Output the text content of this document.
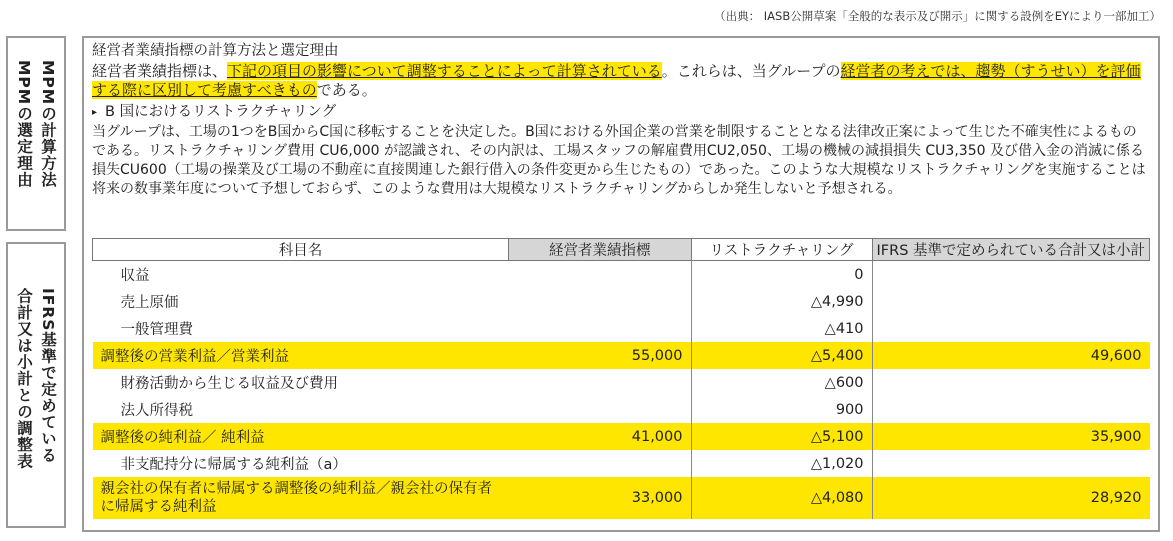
（出典： IASB公開草案「全般的な表示及び開示」に関する設例をEYにより一部加工）
MPMの計算方法
MPMの選定理由
IFRS基準で定めている
合計又は小計との調整表
経営者業績指標の計算方法と選定理由
経営者業績指標は、下記の項目の影響について調整することによって計算されている。これらは、当グループの経営者の考えでは、趨勢（すうせい）を評価する際に区別して考慮すべきものである。
▸ B 国におけるリストラクチャリング
当グループは、工場の1つをB国からC国に移転することを決定した。B国における外国企業の営業を制限することとなる法律改正案によって生じた不確実性によるものである。リストラクチャリング費用 CU6,000 が認識され、その内訳は、工場スタッフの解雇費用CU2,050、工場の機械の減損損失 CU3,350 及び借入金の消滅に係る損失CU600（工場の操業及び工場の不動産に直接関連した銀行借入の条件変更から生じたもの）であった。このような大規模なリストラクチャリングを実施することは将来の数事業年度について予想しておらず、このような費用は大規模なリストラクチャリングからしか発生しないと予想される。
科目名	経営者業績指標	リストラクチャリング	IFRS 基準で定められている合計又は小計
収益		0	
売上原価		△4,990	
一般管理費		△410	
調整後の営業利益／営業利益	55,000	△5,400	49,600
財務活動から生じる収益及び費用		△600	
法人所得税		900	
調整後の純利益／ 純利益	41,000	△5,100	35,900
非支配持分に帰属する純利益（a）		△1,020	
親会社の保有者に帰属する調整後の純利益／親会社の保有者に帰属する純利益	33,000	△4,080	28,920
